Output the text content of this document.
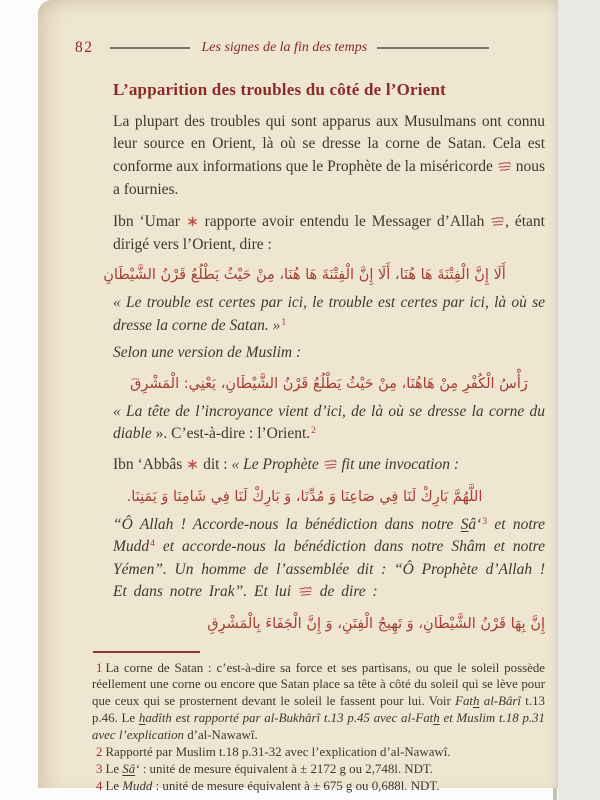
82	Les signes de la fin des temps
L’apparition des troubles du côté de l’Orient

La plupart des troubles qui sont apparus aux Musulmans ont connu leur source en Orient, là où se dresse la corne de Satan. Cela est conforme aux informations que le Prophète de la miséricorde  nous a fournies.

Ibn ‘Umar  rapporte avoir entendu le Messager d’Allah , étant dirigé vers l’Orient, dire :

أَلَا إِنَّ الْفِتْنَةَ هَا هُنَا، أَلَا إِنَّ الْفِتْنَةَ هَا هُنَا، مِنْ حَيْثُ يَطْلُعُ قَرْنُ الشَّيْطَانِ

« Le trouble est certes par ici, le trouble est certes par ici, là où se dresse la corne de Satan. »1

Selon une version de Muslim :

رَأْسُ الْكُفْرِ مِنْ هَاهُنَا، مِنْ حَيْثُ يَطْلُعُ قَرْنُ الشَّيْطَانِ، يَعْنِي: الْمَشْرِقَ

« La tête de l’incroyance vient d’ici, de là où se dresse la corne du diable ». C’est-à-dire : l’Orient.2

Ibn ‘Abbâs  dit : « Le Prophète  fit une invocation :

اللَّهُمَّ بَارِكْ لَنَا فِي صَاعِنَا وَ مُدِّنَا، وَ بَارِكْ لَنَا فِي شَامِنَا وَ يَمَنِنَا.

“Ô Allah ! Accorde-nous la bénédiction dans notre Sâ‘3 et notre Mudd4 et accorde-nous la bénédiction dans notre Shâm et notre Yémen”. Un homme de l’assemblée dit : “Ô Prophète d’Allah ! Et dans notre Irak”. Et lui  de dire :

إِنَّ بِهَا قَرْنُ الشَّيْطَانِ، وَ تَهِيجُ الْفِتَنِ، وَ إِنَّ الْجَفَاءَ بِالْمَشْرِقِ

1 La corne de Satan : c’est-à-dire sa force et ses partisans, ou que le soleil possède réellement une corne ou encore que Satan place sa tête à côté du soleil qui se lève pour que ceux qui se prosternent devant le soleil le fassent pour lui. Voir Fath al-Bârî t.13 p.46. Le hadîth est rapporté par al-Bukhârî t.13 p.45 avec al-Fath et Muslim t.18 p.31 avec l’explication d’al-Nawawî.

2 Rapporté par Muslim t.18 p.31-32 avec l’explication d’al-Nawawî.

3 Le Sâ‘ : unité de mesure équivalent à ± 2172 g ou 2,748l. NDT.

4 Le Mudd : unité de mesure équivalent à ± 675 g ou 0,688l. NDT.
